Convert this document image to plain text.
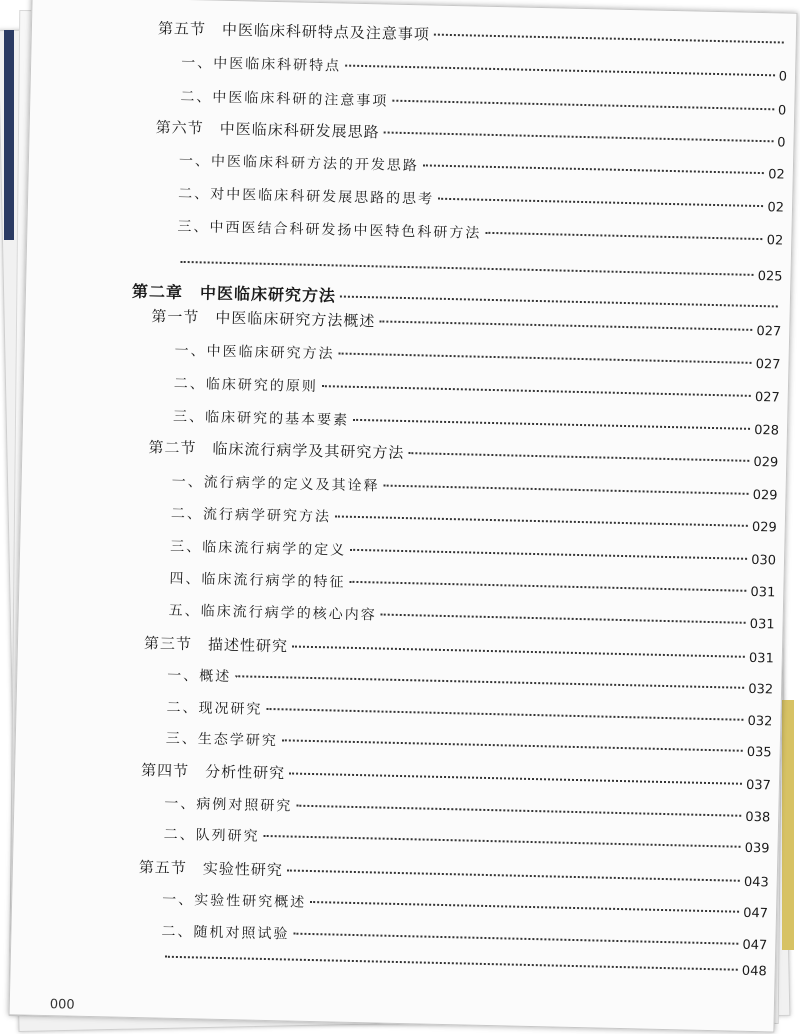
第五节　中医临床科研特点及注意事项
一、中医临床科研特点
0
二、中医临床科研的注意事项
0
第六节　中医临床科研发展思路
0
一、中医临床科研方法的开发思路
02
二、对中医临床科研发展思路的思考
02
三、中西医结合科研发扬中医特色科研方法	02
025
第二章　中医临床研究方法
第一节　中医临床研究方法概述
027
一、中医临床研究方法
027
二、临床研究的原则
027
三、临床研究的基本要素
028
第二节　临床流行病学及其研究方法
029
一、流行病学的定义及其诠释
029
二、流行病学研究方法
029
三、临床流行病学的定义
030
四、临床流行病学的特征
031
五、临床流行病学的核心内容
031
第三节　描述性研究
031
一、概述
032
二、现况研究
032
三、生态学研究
035
第四节　分析性研究
037
一、病例对照研究
038
二、队列研究
039
第五节　实验性研究
043
一、实验性研究概述
047
二、随机对照试验
047
048
000
